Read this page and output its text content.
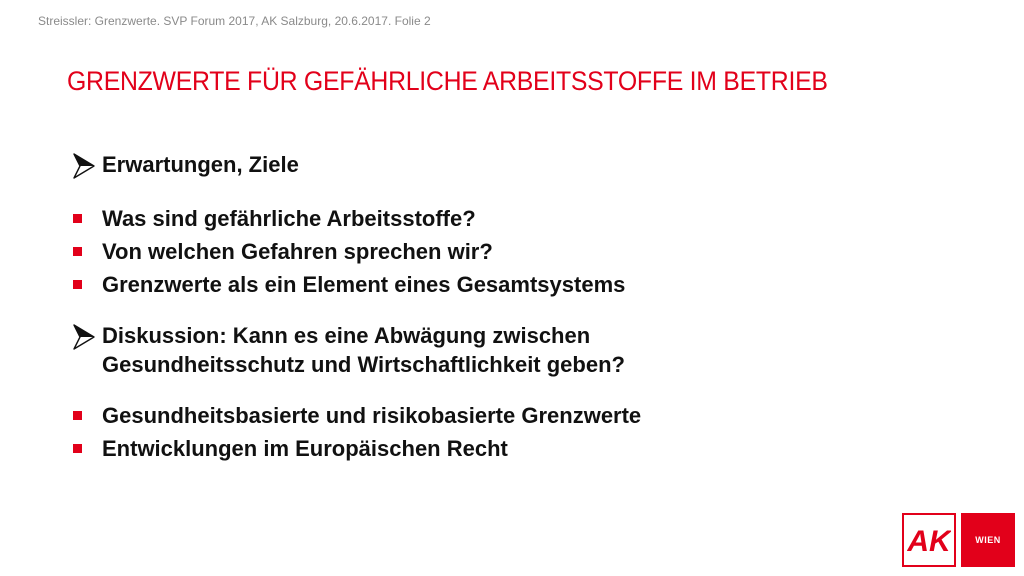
Streissler: Grenzwerte. SVP Forum 2017, AK Salzburg, 20.6.2017. Folie 2
GRENZWERTE FÜR GEFÄHRLICHE ARBEITSSTOFFE IM BETRIEB
Erwartungen, Ziele
Was sind gefährliche Arbeitsstoffe?
Von welchen Gefahren sprechen wir?
Grenzwerte als ein Element eines Gesamtsystems
Diskussion: Kann es eine Abwägung zwischen
Gesundheitsschutz und Wirtschaftlichkeit geben?
Gesundheitsbasierte und risikobasierte Grenzwerte
Entwicklungen im Europäischen Recht
AK	WIEN
